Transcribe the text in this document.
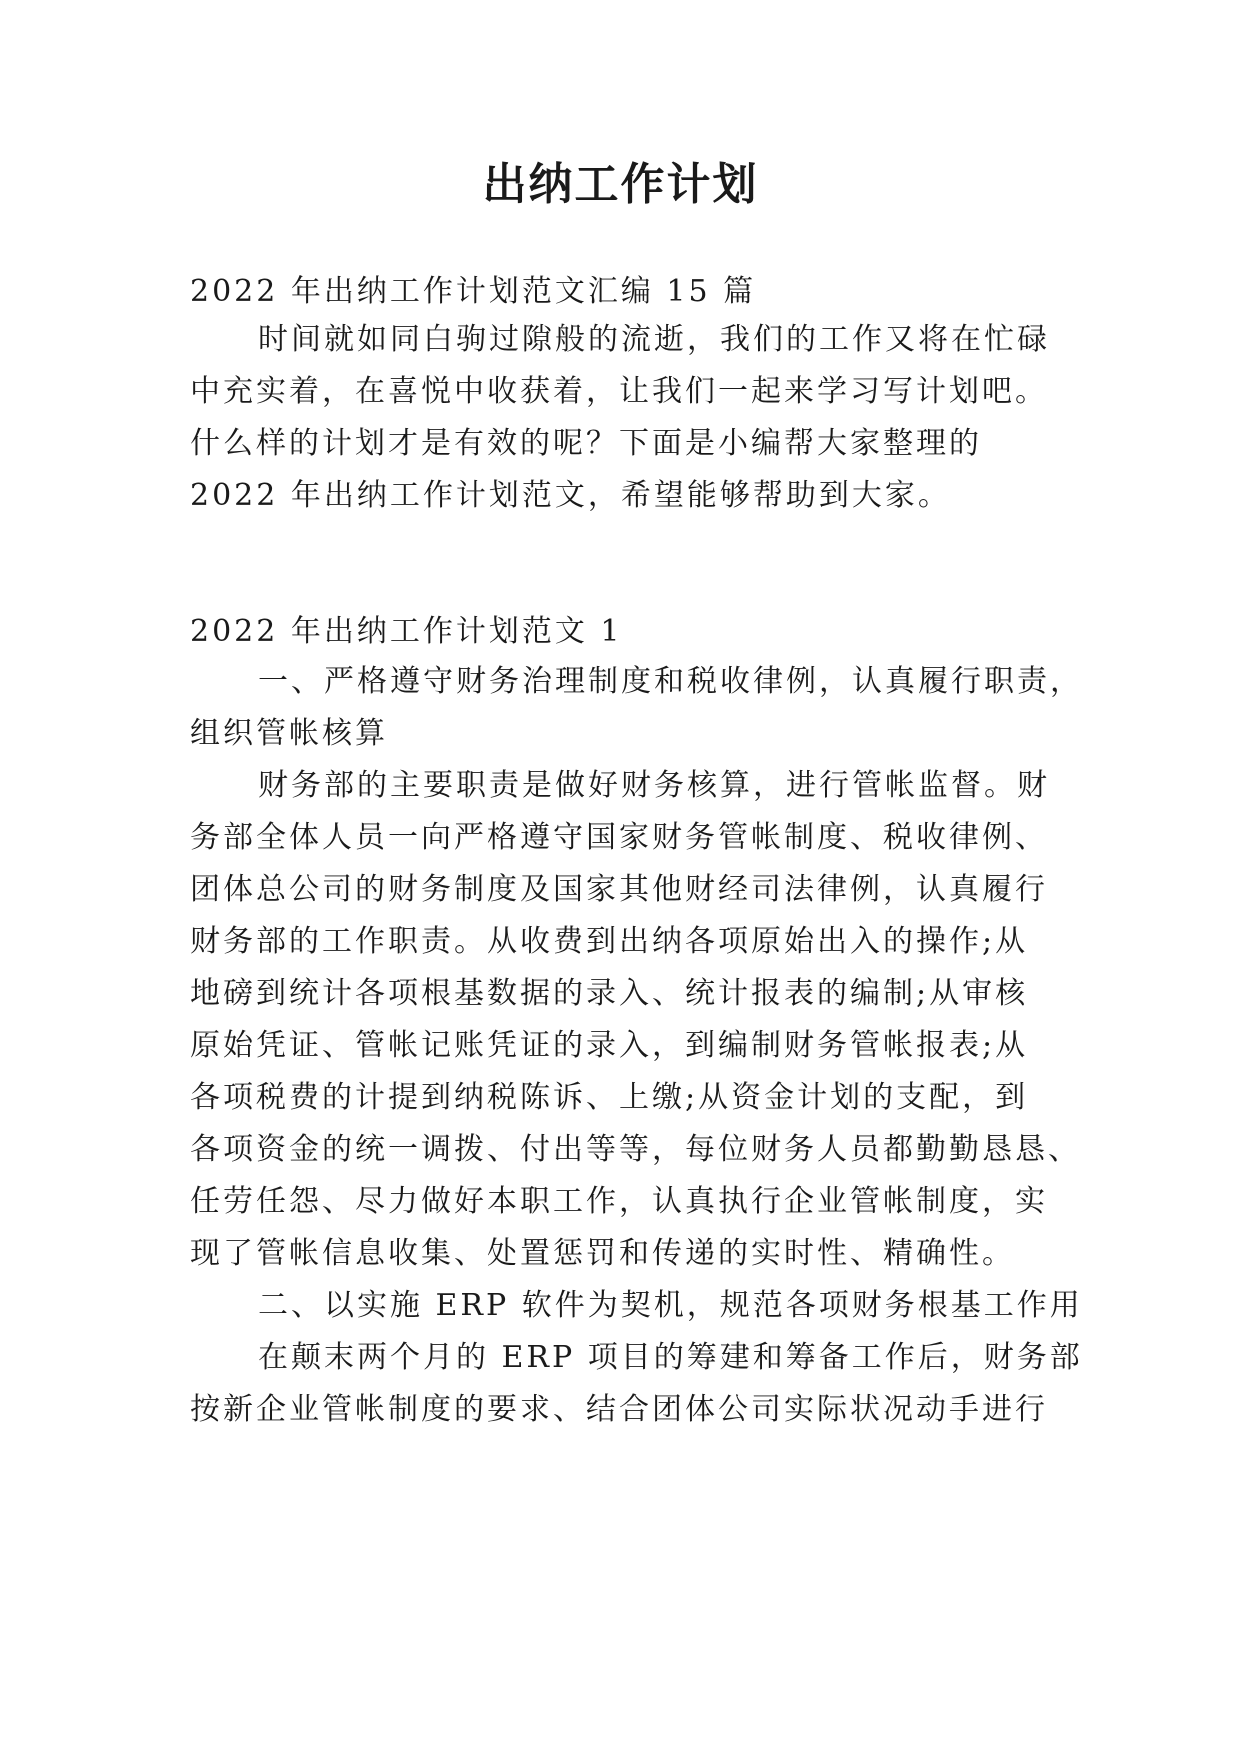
出纳工作计划
2022 年出纳工作计划范文汇编 15 篇
时间就如同白驹过隙般的流逝，我们的工作又将在忙碌
中充实着，在喜悦中收获着，让我们一起来学习写计划吧。
什么样的计划才是有效的呢？下面是小编帮大家整理的
2022 年出纳工作计划范文，希望能够帮助到大家。
2022 年出纳工作计划范文 1
一、严格遵守财务治理制度和税收律例，认真履行职责，
组织管帐核算
财务部的主要职责是做好财务核算，进行管帐监督。财
务部全体人员一向严格遵守国家财务管帐制度、税收律例、
团体总公司的财务制度及国家其他财经司法律例，认真履行
财务部的工作职责。从收费到出纳各项原始出入的操作;从
地磅到统计各项根基数据的录入、统计报表的编制;从审核
原始凭证、管帐记账凭证的录入，到编制财务管帐报表;从
各项税费的计提到纳税陈诉、上缴;从资金计划的支配，到
各项资金的统一调拨、付出等等，每位财务人员都勤勤恳恳、
任劳任怨、尽力做好本职工作，认真执行企业管帐制度，实
现了管帐信息收集、处置惩罚和传递的实时性、精确性。
二、以实施 ERP 软件为契机，规范各项财务根基工作用
在颠末两个月的 ERP 项目的筹建和筹备工作后，财务部
按新企业管帐制度的要求、结合团体公司实际状况动手进行
